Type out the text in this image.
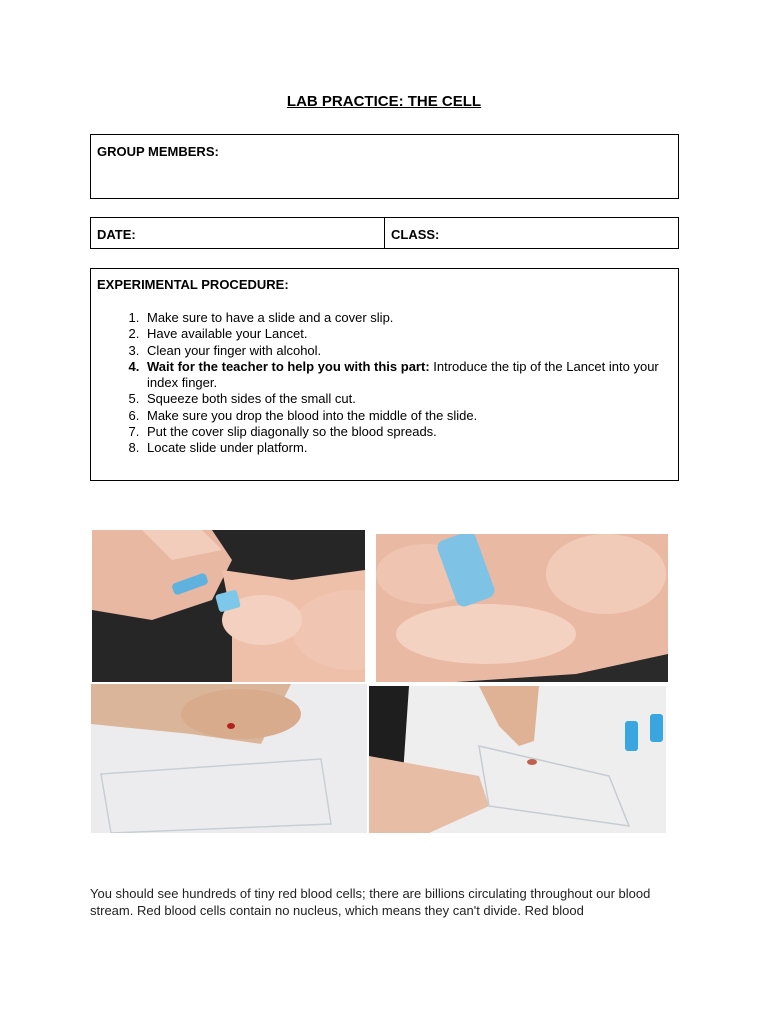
LAB PRACTICE: THE CELL
GROUP MEMBERS:
DATE:	CLASS:
EXPERIMENTAL PROCEDURE:
1. Make sure to have a slide and a cover slip.
2. Have available your Lancet.
3. Clean your finger with alcohol.
4. Wait for the teacher to help you with this part: Introduce the tip of the Lancet into your index finger.
5. Squeeze both sides of the small cut.
6. Make sure you drop the blood into the middle of the slide.
7. Put the cover slip diagonally so the blood spreads.
8. Locate slide under platform.
You should see hundreds of tiny red blood cells; there are billions circulating throughout our blood stream. Red blood cells contain no nucleus, which means they can't divide. Red blood
